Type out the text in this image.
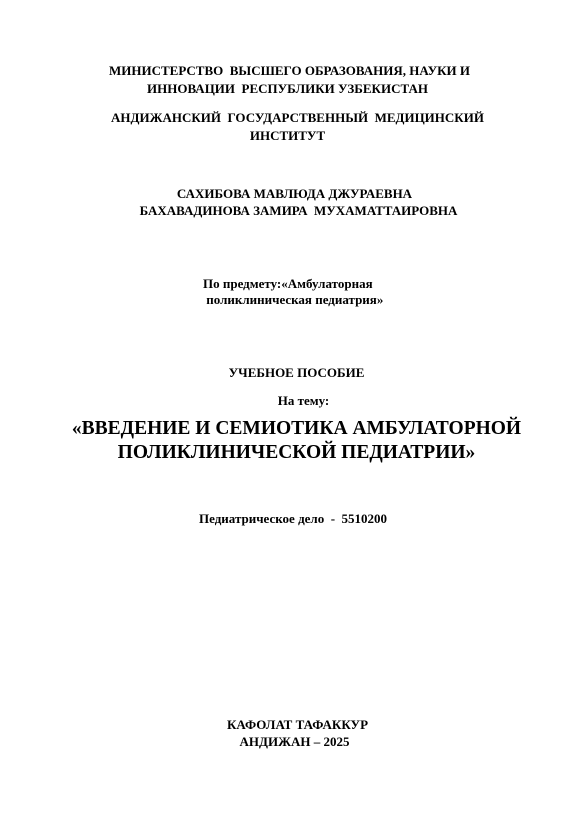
МИНИСТЕРСТВО  ВЫСШЕГО ОБРАЗОВАНИЯ, НАУКИ И
ИННОВАЦИИ  РЕСПУБЛИКИ УЗБЕКИСТАН
АНДИЖАНСКИЙ  ГОСУДАРСТВЕННЫЙ  МЕДИЦИНСКИЙ
ИНСТИТУТ
САХИБОВА МАВЛЮДА ДЖУРАЕВНА
БАХАВАДИНОВА ЗАМИРА  МУХАМАТТАИРОВНА
По предмету:«Амбулаторная
поликлиническая педиатрия»
УЧЕБНОЕ ПОСОБИЕ
На тему:
«ВВЕДЕНИЕ И СЕМИОТИКА АМБУЛАТОРНОЙ
ПОЛИКЛИНИЧЕСКОЙ ПЕДИАТРИИ»
Педиатрическое дело  -  5510200
КАФОЛАТ ТАФАККУР
АНДИЖАН – 2025
